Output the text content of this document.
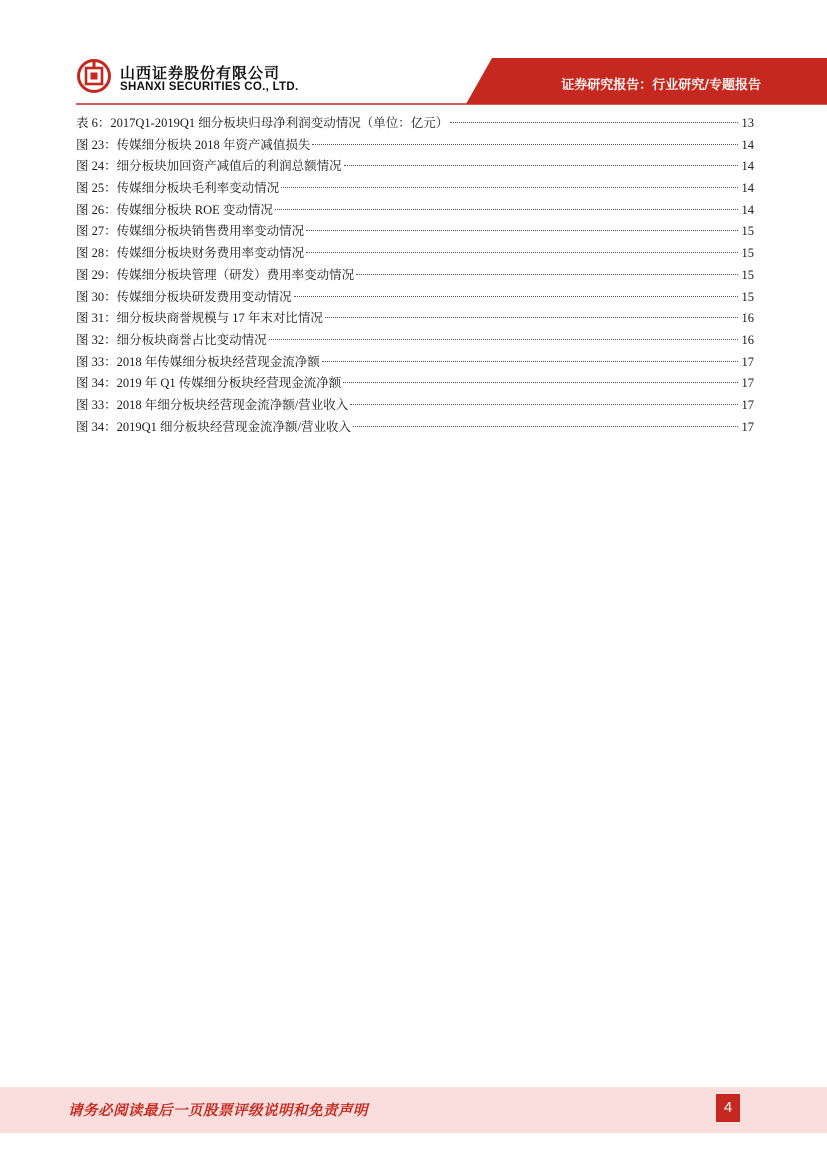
山西证券股份有限公司
SHANXI SECURITIES CO., LTD.	证券研究报告：行业研究/专题报告
表 6：2017Q1-2019Q1 细分板块归母净利润变动情况（单位：亿元）	13
图 23：传媒细分板块 2018 年资产减值损失	14
图 24：细分板块加回资产减值后的利润总额情况	14
图 25：传媒细分板块毛利率变动情况	14
图 26：传媒细分板块 ROE 变动情况	14
图 27：传媒细分板块销售费用率变动情况	15
图 28：传媒细分板块财务费用率变动情况	15
图 29：传媒细分板块管理（研发）费用率变动情况	15
图 30：传媒细分板块研发费用变动情况	15
图 31：细分板块商誉规模与 17 年末对比情况	16
图 32：细分板块商誉占比变动情况	16
图 33：2018 年传媒细分板块经营现金流净额	17
图 34：2019 年 Q1 传媒细分板块经营现金流净额	17
图 33：2018 年细分板块经营现金流净额/营业收入	17
图 34：2019Q1 细分板块经营现金流净额/营业收入	17
请务必阅读最后一页股票评级说明和免责声明	4
